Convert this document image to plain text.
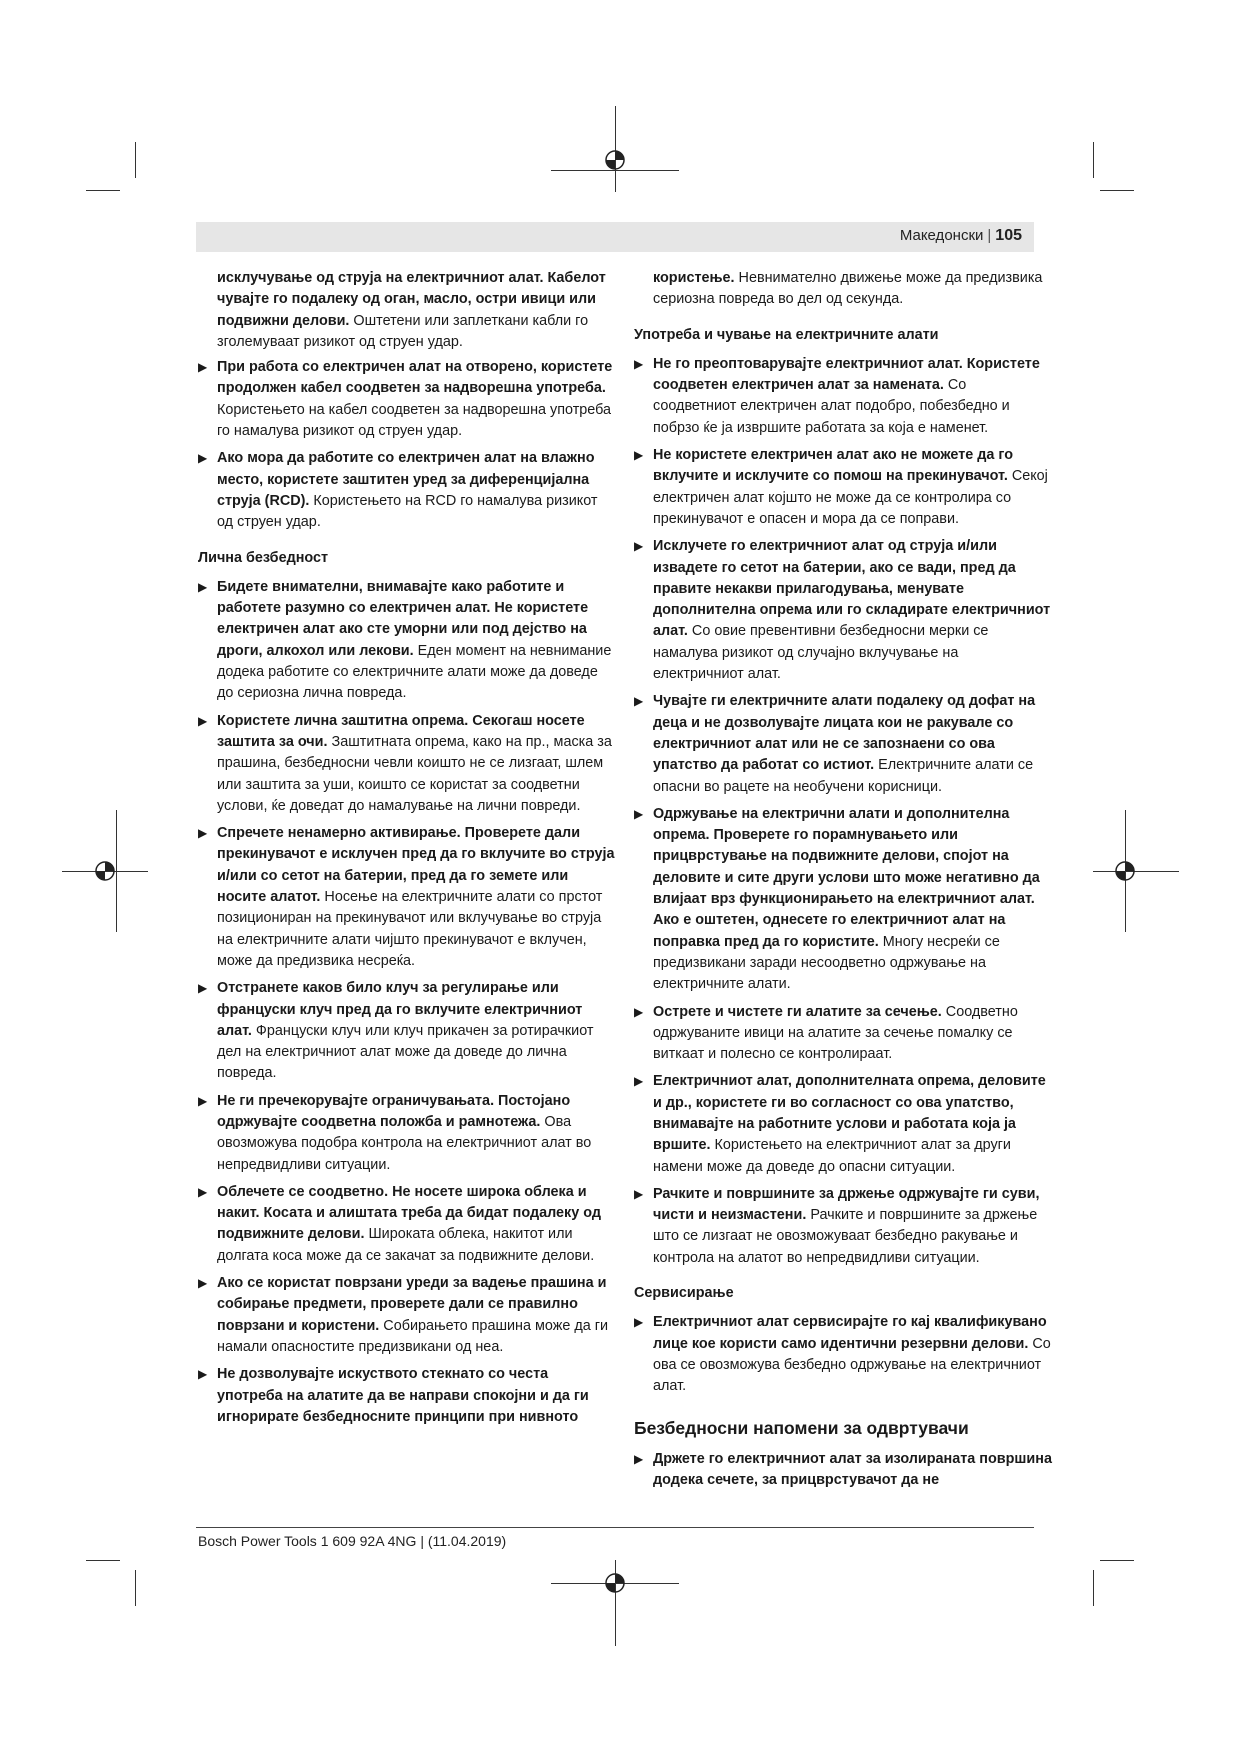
Македонски | 105
исклучување од струја на електричниот алат. Кабелот чувајте го подалеку од оган, масло, остри ивици или подвижни делови. Оштетени или заплеткани кабли го зголемуваат ризикот од струен удар.
▶ При работа со електричен алат на отворено, користете продолжен кабел соодветен за надворешна употреба. Користењето на кабел соодветен за надворешна употреба го намалува ризикот од струен удар.
▶ Ако мора да работите со електричен алат на влажно место, користете заштитен уред за диференцијална струја (RCD). Користењето на RCD го намалува ризикот од струен удар.
Лична безбедност
▶ Бидете внимателни, внимавајте како работите и работете разумно со електричен алат. Не користете електричен алат ако сте уморни или под дејство на дроги, алкохол или лекови. Еден момент на невнимание додека работите со електричните алати може да доведе до сериозна лична повреда.
▶ Користете лична заштитна опрема. Секогаш носете заштита за очи. Заштитната опрема, како на пр., маска за прашина, безбедносни чевли коишто не се лизгаат, шлем или заштита за уши, коишто се користат за соодветни услови, ќе доведат до намалување на лични повреди.
▶ Спречете ненамерно активирање. Проверете дали прекинувачот е исклучен пред да го вклучите во струја и/или со сетот на батерии, пред да го земете или носите алатот. Носење на електричните алати со прстот позициониран на прекинувачот или вклучување во струја на електричните алати чијшто прекинувачот е вклучен, може да предизвика несреќа.
▶ Отстранете каков било клуч за регулирање или француски клуч пред да го вклучите електричниот алат. Француски клуч или клуч прикачен за ротирачкиот дел на електричниот алат може да доведе до лична повреда.
▶ Не ги пречекорувајте ограничувањата. Постојано одржувајте соодветна положба и рамнотежа. Ова овозможува подобра контрола на електричниот алат во непредвидливи ситуации.
▶ Облечете се соодветно. Не носете широка облека и накит. Косата и алиштата треба да бидат подалеку од подвижните делови. Широката облека, накитот или долгата коса може да се закачат за подвижните делови.
▶ Ако се користат поврзани уреди за вадење прашина и собирање предмети, проверете дали се правилно поврзани и користени. Собирањето прашина може да ги намали опасностите предизвикани од неа.
▶ Не дозволувајте искуството стекнато со честа употреба на алатите да ве направи спокојни и да ги игнорирате безбедносните принципи при нивното
користење. Невнимателно движење може да предизвика сериозна повреда во дел од секунда.
Употреба и чување на електричните алати
▶ Не го преоптоварувајте електричниот алат. Користете соодветен електричен алат за намената. Со соодветниот електричен алат подобро, побезбедно и побрзо ќе ја извршите работата за која е наменет.
▶ Не користете електричен алат ако не можете да го вклучите и исклучите со помош на прекинувачот. Секој електричен алат којшто не може да се контролира со прекинувачот е опасен и мора да се поправи.
▶ Исклучете го електричниот алат од струја и/или извадете го сетот на батерии, ако се вади, пред да правите некакви прилагодувања, менувате дополнителна опрема или го складирате електричниот алат. Со овие превентивни безбедносни мерки се намалува ризикот од случајно вклучување на електричниот алат.
▶ Чувајте ги електричните алати подалеку од дофат на деца и не дозволувајте лицата кои не ракувале со електричниот алат или не се запознаени со ова упатство да работат со истиот. Електричните алати се опасни во рацете на необучени корисници.
▶ Одржување на електрични алати и дополнителна опрема. Проверете го порамнувањето или прицврстување на подвижните делови, спојот на деловите и сите други услови што може негативно да влијаат врз функционирањето на електричниот алат. Ако е оштетен, однесете го електричниот алат на поправка пред да го користите. Многу несреќи се предизвикани заради несоодветно одржување на електричните алати.
▶ Острете и чистете ги алатите за сечење. Соодветно одржуваните ивици на алатите за сечење помалку се виткаат и полесно се контролираат.
▶ Електричниот алат, дополнителната опрема, деловите и др., користете ги во согласност со ова упатство, внимавајте на работните услови и работата која ја вршите. Користењето на електричниот алат за други намени може да доведе до опасни ситуации.
▶ Рачките и површините за држење одржувајте ги суви, чисти и неизмастени. Рачките и површините за држење што се лизгаат не овозможуваат безбедно ракување и контрола на алатот во непредвидливи ситуации.
Сервисирање
▶ Електричниот алат сервисирајте го кај квалификувано лице кое користи само идентични резервни делови. Со ова се овозможува безбедно одржување на електричниот алат.
Безбедносни напомени за одвртувачи
▶ Држете го електричниот алат за изолираната површина додека сечете, за прицврстувачот да не
Bosch Power Tools 1 609 92A 4NG | (11.04.2019)
